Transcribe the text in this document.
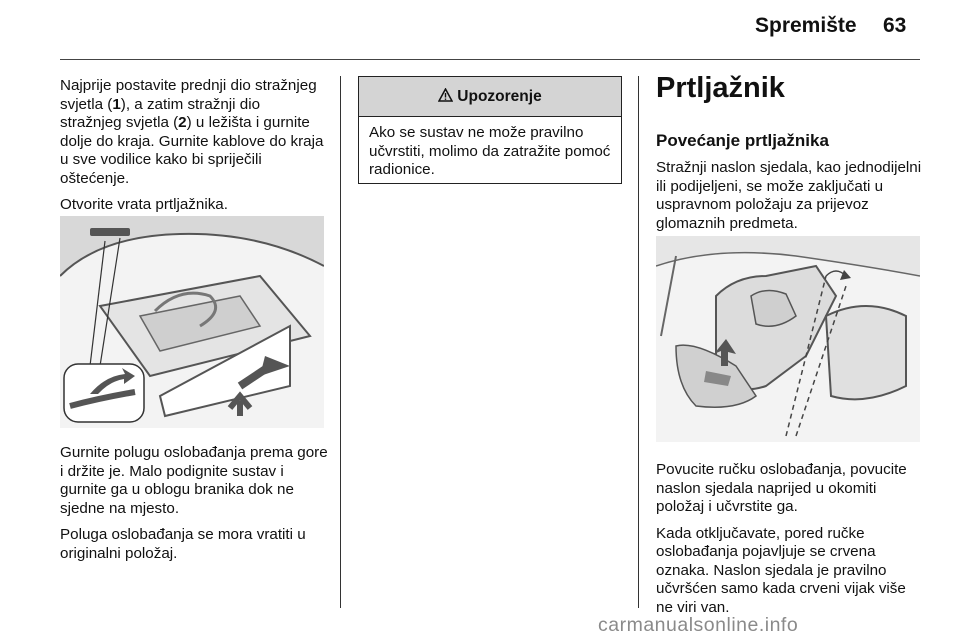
Spremište 63

Najprije postavite prednji dio stražnjeg svjetla (1), a zatim stražnji dio stražnjeg svjetla (2) u ležišta i gurnite dolje do kraja. Gurnite kablove do kraja u sve vodilice kako bi spriječili oštećenje.

Otvorite vrata prtljažnika.

Gurnite polugu oslobađanja prema gore i držite je. Malo podignite sustav i gurnite ga u oblogu branika dok ne sjedne na mjesto.

Poluga oslobađanja se mora vratiti u originalni položaj.

Upozorenje
Ako se sustav ne može pravilno učvrstiti, molimo da zatražite pomoć radionice.
Prtljažnik

Povećanje prtljažnika

Stražnji naslon sjedala, kao jednodijelni ili podijeljeni, se može zaključati u uspravnom položaju za prijevoz glomaznih predmeta.

Povucite ručku oslobađanja, povucite naslon sjedala naprijed u okomiti položaj i učvrstite ga.

Kada otključavate, pored ručke oslobađanja pojavljuje se crvena oznaka. Naslon sjedala je pravilno učvršćen samo kada crveni vijak više ne viri van.

carmanualsonline.info
